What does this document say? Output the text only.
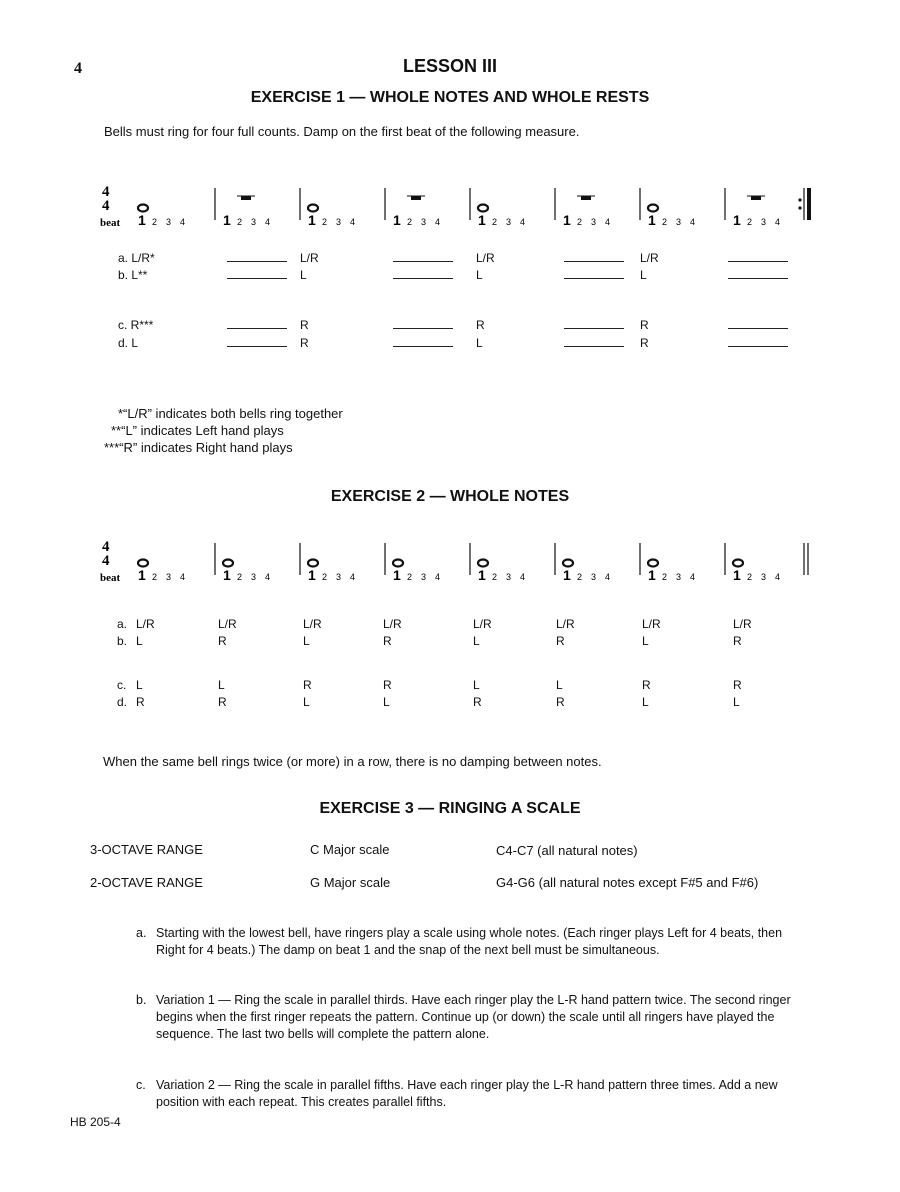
4	LESSON III
EXERCISE 1 — WHOLE NOTES AND WHOLE RESTS
Bells must ring for four full counts. Damp on the first beat of the following measure.
4
4
beat 1 2 3 4	1 2 3 4	1 2 3 4	1 2 3 4	1 2 3 4	1 2 3 4	1 2 3 4	1 2 3 4
a. L/R*	L/R	L/R	L/R
b. L**	L	L	L
c. R***	R	R	R
d. L	R	L	R
*“L/R” indicates both bells ring together
**“L” indicates Left hand plays
***“R” indicates Right hand plays
EXERCISE 2 — WHOLE NOTES
4
4
beat 1 2 3 4	1 2 3 4	1 2 3 4	1 2 3 4	1 2 3 4	1 2 3 4	1 2 3 4	1 2 3 4
a. L/R	L/R	L/R	L/R	L/R	L/R	L/R	L/R
b. L	R	L	R	L	R	L	R
c. L	L	R	R	L	L	R	R
d. R	R	L	L	R	R	L	L
When the same bell rings twice (or more) in a row, there is no damping between notes.
EXERCISE 3 — RINGING A SCALE
3-OCTAVE RANGE	C Major scale	C4-C7 (all natural notes)
2-OCTAVE RANGE	G Major scale	G4-G6 (all natural notes except F#5 and F#6)
a. Starting with the lowest bell, have ringers play a scale using whole notes. (Each ringer plays Left for 4 beats, then Right for 4 beats.) The damp on beat 1 and the snap of the next bell must be simultaneous.
b. Variation 1 — Ring the scale in parallel thirds. Have each ringer play the L-R hand pattern twice. The second ringer begins when the first ringer repeats the pattern. Continue up (or down) the scale until all ringers have played the sequence. The last two bells will complete the pattern alone.
c. Variation 2 — Ring the scale in parallel fifths. Have each ringer play the L-R hand pattern three times. Add a new position with each repeat. This creates parallel fifths.
HB 205-4
